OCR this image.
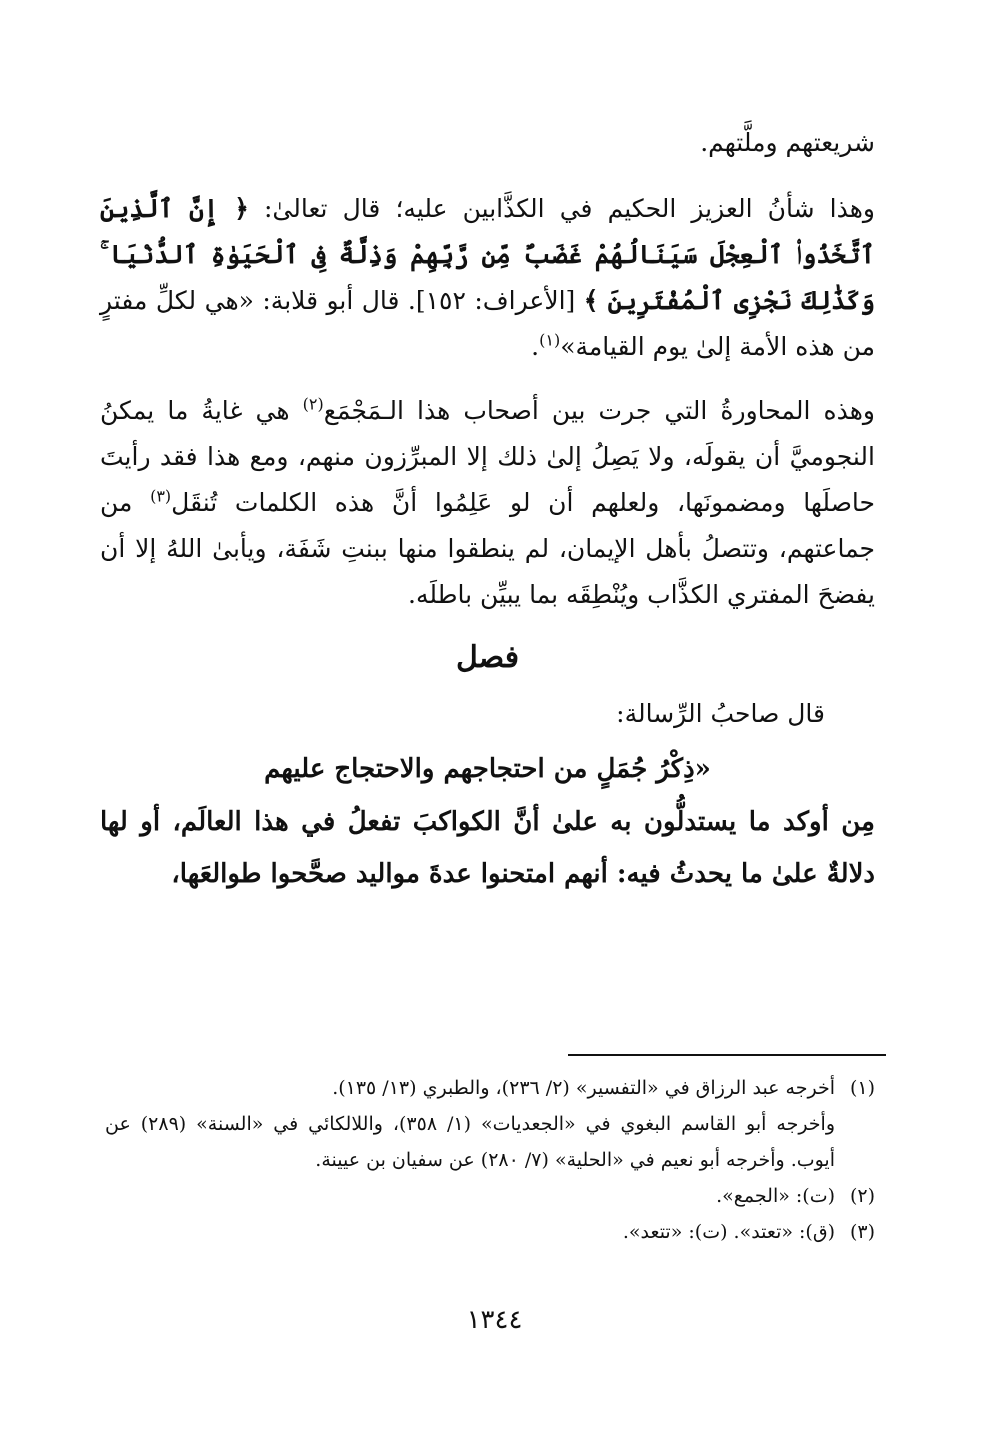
شريعتهم وملَّتهم.

وهذا شأنُ العزيز الحكيم في الكذَّابين عليه؛ قال تعالىٰ: ﴿ إِنَّ ٱلَّذِينَ ٱتَّخَذُوا۟ ٱلْعِجْلَ سَيَنَالُهُمْ غَضَبٌ مِّن رَّبِّهِمْ وَذِلَّةٌ فِى ٱلْحَيَوٰةِ ٱلدُّنْيَا ۚ وَكَذَٰلِكَ نَجْزِى ٱلْمُفْتَرِينَ ﴾ [الأعراف: ١٥٢]. قال أبو قلابة: «هي لكلِّ مفترٍ من هذه الأمة إلىٰ يوم القيامة»$^{(١)}$.

وهذه المحاورةُ التي جرت بين أصحاب هذا الـمَجْمَع$^{(٢)}$ هي غايةُ ما يمكنُ النجوميَّ أن يقولَه، ولا يَصِلُ إلىٰ ذلك إلا المبرِّزون منهم، ومع هذا فقد رأيتَ حاصلَها ومضمونَها، ولعلهم أن لو عَلِمُوا أنَّ هذه الكلمات تُنقَل$^{(٣)}$ من جماعتهم، وتتصلُ بأهل الإيمان، لم ينطقوا منها ببنتِ شَفَة، ويأبىٰ اللهُ إلا أن يفضحَ المفتري الكذَّاب ويُنْطِقَه بما يبيِّن باطلَه.

فصل

قال صاحبُ الرِّسالة:

«ذِكْرُ جُمَلٍ من احتجاجهم والاحتجاج عليهم

مِن أوكد ما يستدلُّون به علىٰ أنَّ الكواكبَ تفعلُ في هذا العالَم، أو لها دلالةٌ علىٰ ما يحدثُ فيه: أنهم امتحنوا عدةَ مواليد صحَّحوا طوالعَها،

(١)أخرجه عبد الرزاق في «التفسير» (٢/ ٢٣٦)، والطبري (١٣/ ١٣٥).

وأخرجه أبو القاسم البغوي في «الجعديات» (١/ ٣٥٨)، واللالكائي في «السنة» (٢٨٩) عن أيوب. وأخرجه أبو نعيم في «الحلية» (٧/ ٢٨٠) عن سفيان بن عيينة.

(٢)(ت): «الجمع».

(٣)(ق): «تعتد». (ت): «تتعد».

١٣٤٤
